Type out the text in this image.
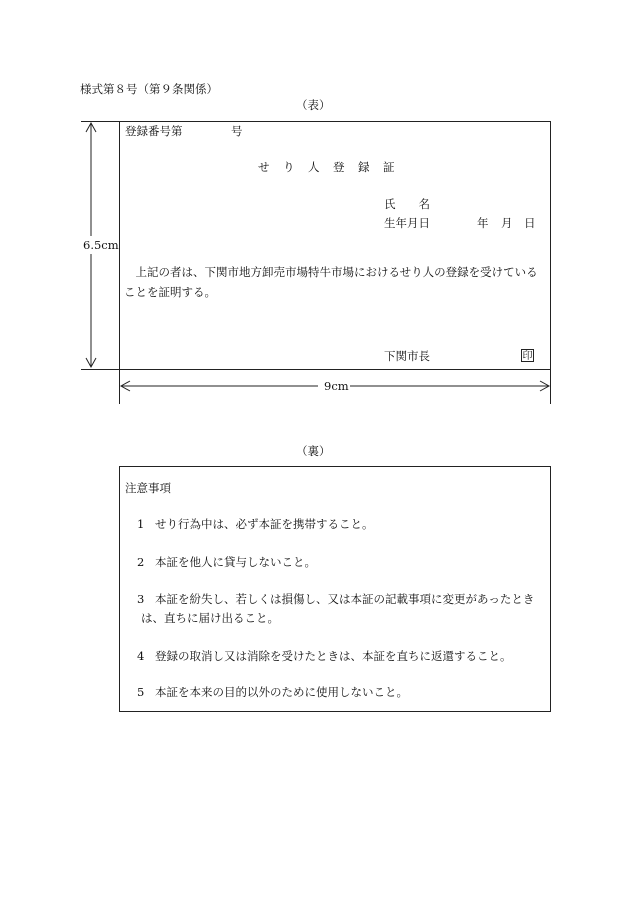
様式第８号（第９条関係）
（表）
登録番号第	号
せ　り　人　登　録　証
氏　　名
生年月日	年 月 日
　上記の者は、下関市地方卸売市場特牛市場におけるせり人の登録を受けていることを証明する。
下関市長	印
6.5cm
9cm
（裏）
注意事項
1 せり行為中は、必ず本証を携帯すること。
2 本証を他人に貸与しないこと。
3 本証を紛失し、若しくは損傷し、又は本証の記載事項に変更があったときは、直ちに届け出ること。
4 登録の取消し又は消除を受けたときは、本証を直ちに返還すること。
5 本証を本来の目的以外のために使用しないこと。
